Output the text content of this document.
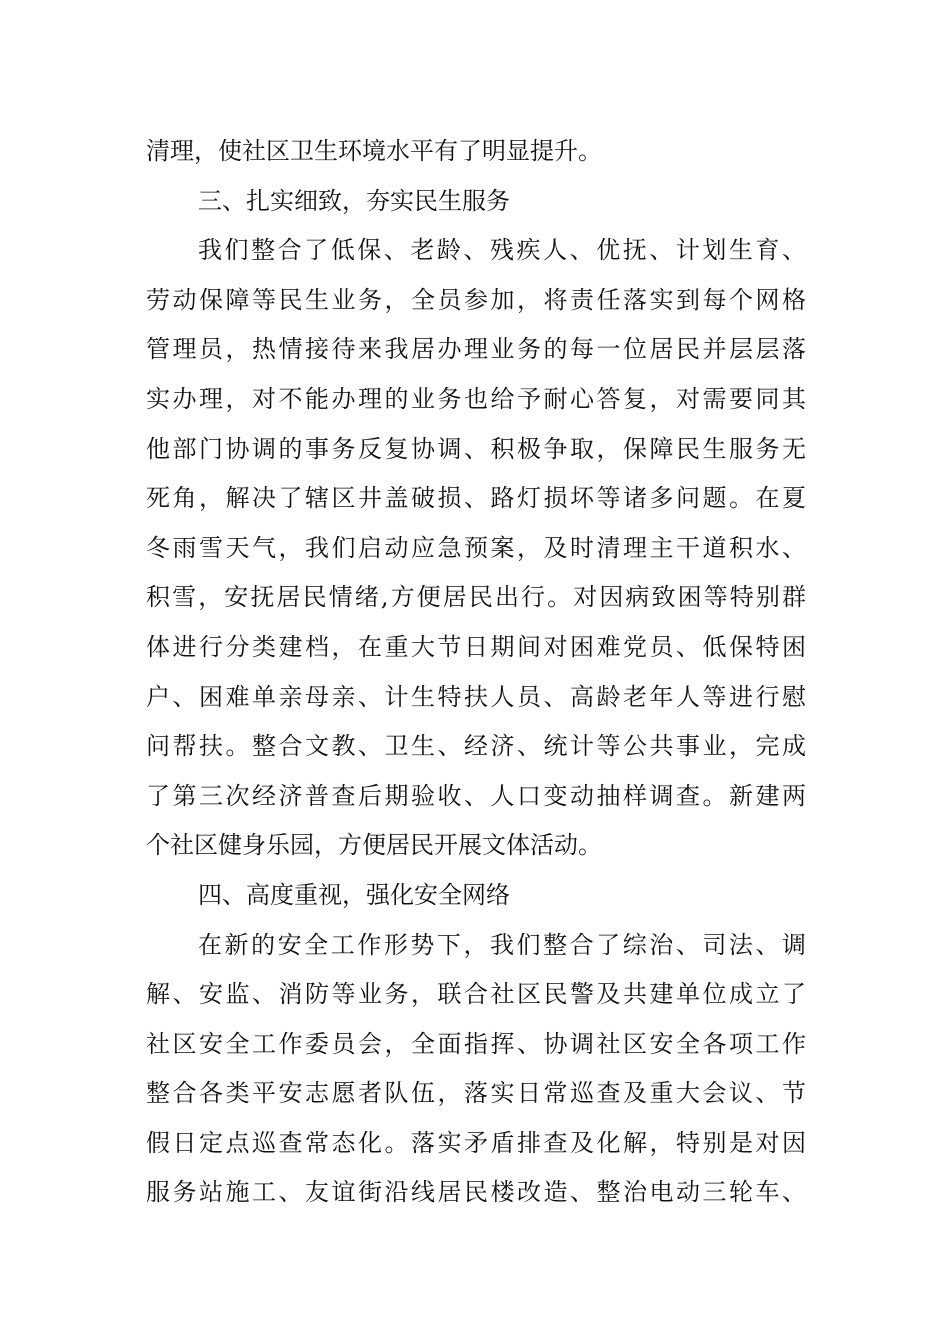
清理，使社区卫生环境水平有了明显提升。
三、扎实细致，夯实民生服务
我们整合了低保、老龄、残疾人、优抚、计划生育、
劳动保障等民生业务，全员参加，将责任落实到每个网格
管理员，热情接待来我居办理业务的每一位居民并层层落
实办理，对不能办理的业务也给予耐心答复，对需要同其
他部门协调的事务反复协调、积极争取，保障民生服务无
死角，解决了辖区井盖破损、路灯损坏等诸多问题。在夏
冬雨雪天气，我们启动应急预案，及时清理主干道积水、
积雪，安抚居民情绪,方便居民出行。对因病致困等特别群
体进行分类建档，在重大节日期间对困难党员、低保特困
户、困难单亲母亲、计生特扶人员、高龄老年人等进行慰
问帮扶。整合文教、卫生、经济、统计等公共事业，完成
了第三次经济普查后期验收、人口变动抽样调查。新建两
个社区健身乐园，方便居民开展文体活动。
四、高度重视，强化安全网络
在新的安全工作形势下，我们整合了综治、司法、调
解、安监、消防等业务，联合社区民警及共建单位成立了
社区安全工作委员会，全面指挥、协调社区安全各项工作
整合各类平安志愿者队伍，落实日常巡查及重大会议、节
假日定点巡查常态化。落实矛盾排查及化解，特别是对因
服务站施工、友谊街沿线居民楼改造、整治电动三轮车、
